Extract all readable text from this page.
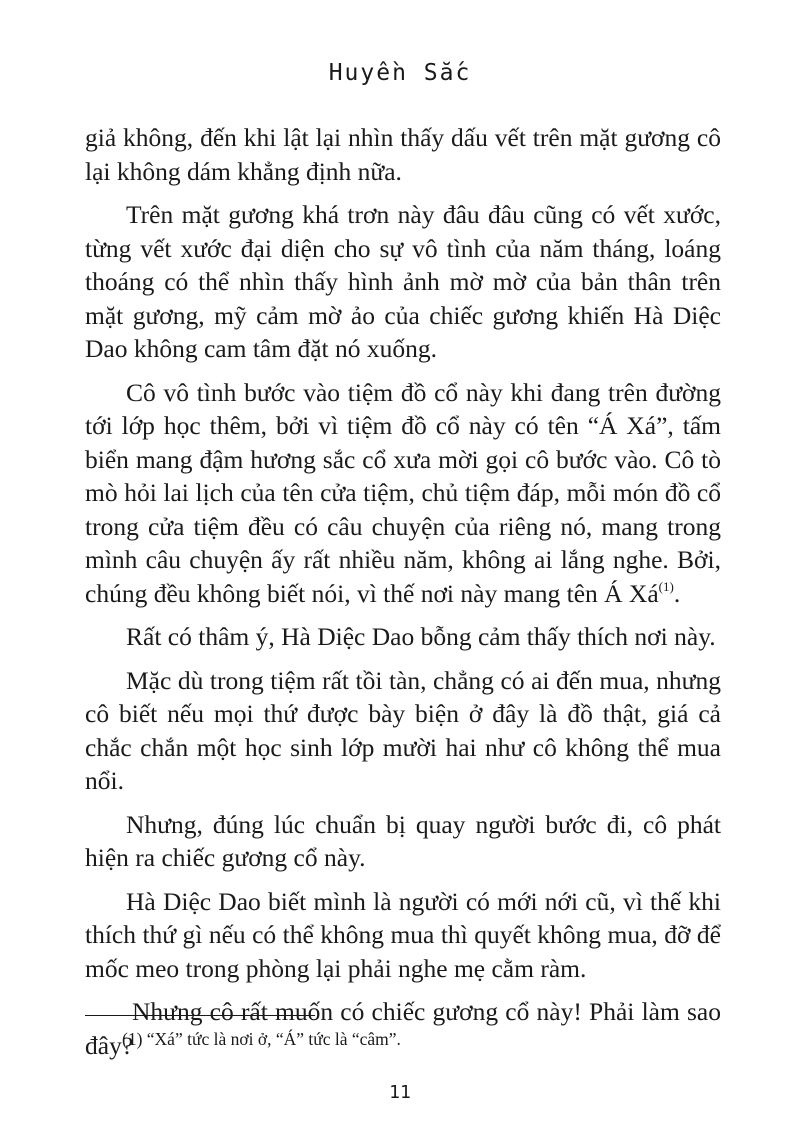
Huyền Sắc

giả không, đến khi lật lại nhìn thấy dấu vết trên mặt gương cô lại không dám khẳng định nữa.

Trên mặt gương khá trơn này đâu đâu cũng có vết xước, từng vết xước đại diện cho sự vô tình của năm tháng, loáng thoáng có thể nhìn thấy hình ảnh mờ mờ của bản thân trên mặt gương, mỹ cảm mờ ảo của chiếc gương khiến Hà Diệc Dao không cam tâm đặt nó xuống.

Cô vô tình bước vào tiệm đồ cổ này khi đang trên đường tới lớp học thêm, bởi vì tiệm đồ cổ này có tên “Á Xá”, tấm biển mang đậm hương sắc cổ xưa mời gọi cô bước vào. Cô tò mò hỏi lai lịch của tên cửa tiệm, chủ tiệm đáp, mỗi món đồ cổ trong cửa tiệm đều có câu chuyện của riêng nó, mang trong mình câu chuyện ấy rất nhiều năm, không ai lắng nghe. Bởi, chúng đều không biết nói, vì thế nơi này mang tên Á Xá$^{(1)}$.

Rất có thâm ý, Hà Diệc Dao bỗng cảm thấy thích nơi này.

Mặc dù trong tiệm rất tồi tàn, chẳng có ai đến mua, nhưng cô biết nếu mọi thứ được bày biện ở đây là đồ thật, giá cả chắc chắn một học sinh lớp mười hai như cô không thể mua nổi.

Nhưng, đúng lúc chuẩn bị quay người bước đi, cô phát hiện ra chiếc gương cổ này.

Hà Diệc Dao biết mình là người có mới nới cũ, vì thế khi thích thứ gì nếu có thể không mua thì quyết không mua, đỡ để mốc meo trong phòng lại phải nghe mẹ cằm ràm.

Nhưng cô rất muốn có chiếc gương cổ này! Phải làm sao đây?

(1) “Xá” tức là nơi ở, “Á” tức là “câm”.
11
